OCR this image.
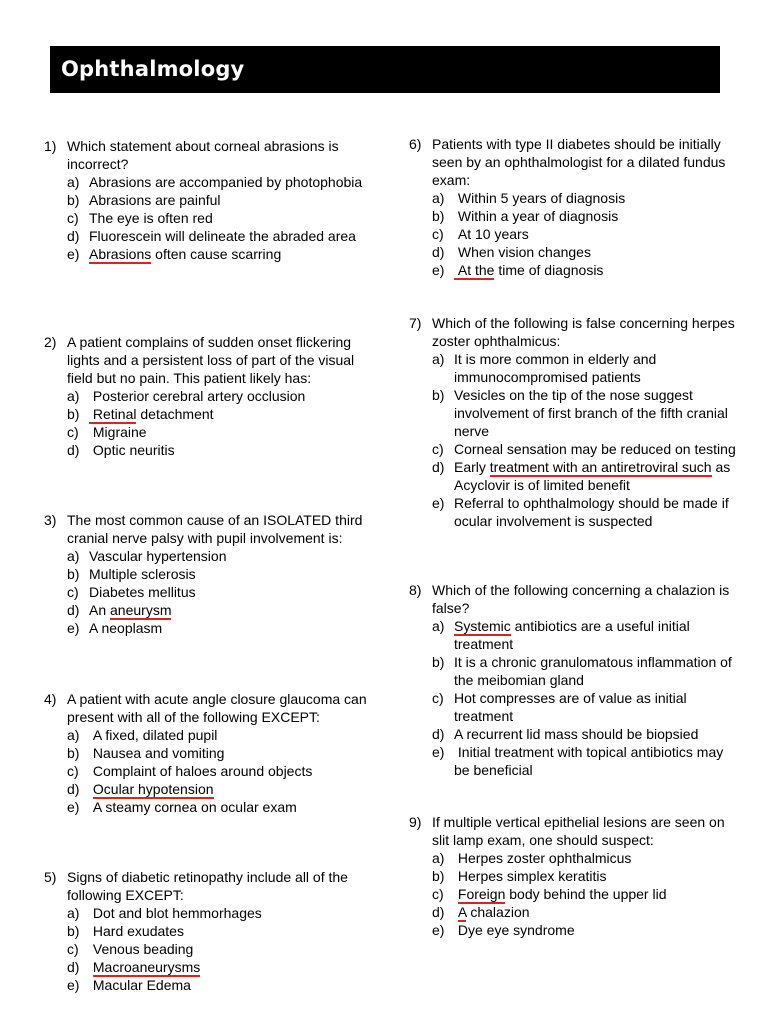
Ophthalmology
1) Which statement about corneal abrasions is incorrect?
a) Abrasions are accompanied by photophobia
b) Abrasions are painful
c) The eye is often red
d) Fluorescein will delineate the abraded area
e) Abrasions often cause scarring
2) A patient complains of sudden onset flickering lights and a persistent loss of part of the visual field but no pain. This patient likely has:
a) Posterior cerebral artery occlusion
b) Retinal detachment
c) Migraine
d) Optic neuritis
3) The most common cause of an ISOLATED third cranial nerve palsy with pupil involvement is:
a) Vascular hypertension
b) Multiple sclerosis
c) Diabetes mellitus
d) An aneurysm
e) A neoplasm
4) A patient with acute angle closure glaucoma can present with all of the following EXCEPT:
a) A fixed, dilated pupil
b) Nausea and vomiting
c) Complaint of haloes around objects
d) Ocular hypotension
e) A steamy cornea on ocular exam
5) Signs of diabetic retinopathy include all of the following EXCEPT:
a) Dot and blot hemmorhages
b) Hard exudates
c) Venous beading
d) Macroaneurysms
e) Macular Edema
6) Patients with type II diabetes should be initially seen by an ophthalmologist for a dilated fundus exam:
a) Within 5 years of diagnosis
b) Within a year of diagnosis
c) At 10 years
d) When vision changes
e) At the time of diagnosis
7) Which of the following is false concerning herpes zoster ophthalmicus:
a) It is more common in elderly and immunocompromised patients
b) Vesicles on the tip of the nose suggest involvement of first branch of the fifth cranial nerve
c) Corneal sensation may be reduced on testing
d) Early treatment with an antiretroviral such as Acyclovir is of limited benefit
e) Referral to ophthalmology should be made if ocular involvement is suspected
8) Which of the following concerning a chalazion is false?
a) Systemic antibiotics are a useful initial treatment
b) It is a chronic granulomatous inflammation of the meibomian gland
c) Hot compresses are of value as initial treatment
d) A recurrent lid mass should be biopsied
e) Initial treatment with topical antibiotics may be beneficial
9) If multiple vertical epithelial lesions are seen on slit lamp exam, one should suspect:
a) Herpes zoster ophthalmicus
b) Herpes simplex keratitis
c) Foreign body behind the upper lid
d) A chalazion
e) Dye eye syndrome
